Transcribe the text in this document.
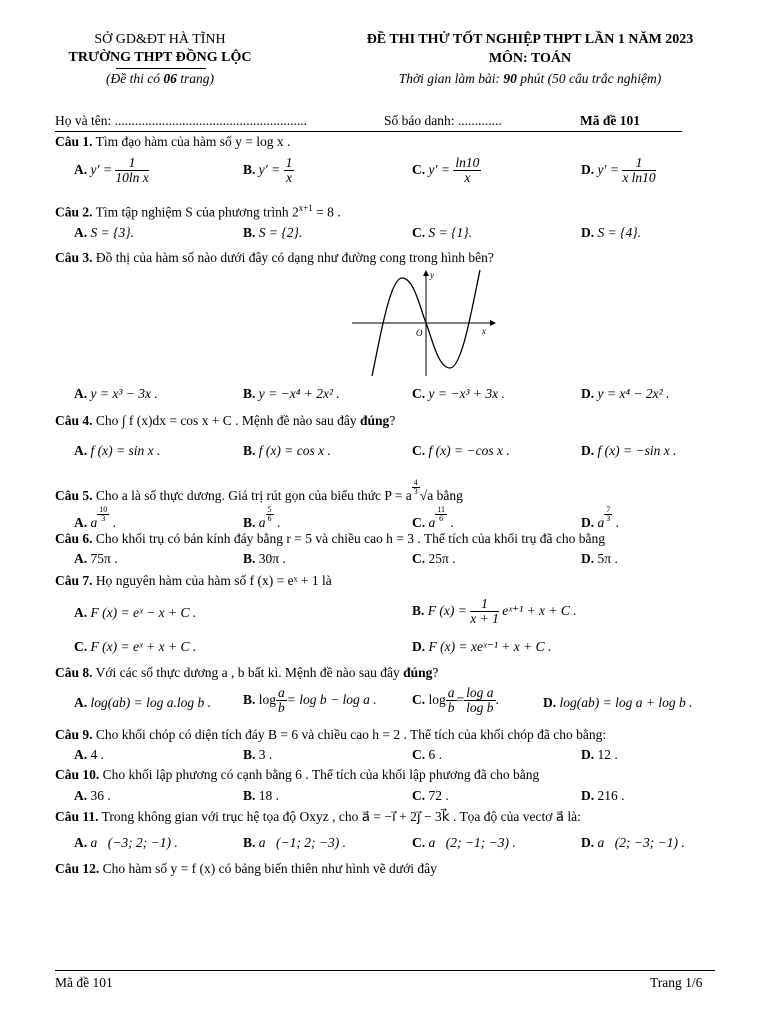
SỞ GD&ĐT HÀ TĨNH
TRƯỜNG THPT ĐỒNG LỘC
(Đề thi có 06 trang)
ĐỀ THI THỬ TỐT NGHIỆP THPT LẦN 1 NĂM 2023
MÔN: TOÁN
Thời gian làm bài: 90 phút (50 câu trắc nghiệm)
Họ và tên: .........................................................	Số báo danh: .............	Mã đề 101
Câu 1. Tìm đạo hàm của hàm số y = log x .
A. $y' = \frac{1}{\text{10ln x}}$	B. $y' = \frac{1}{x}$	C. $y' = \frac{\ln 10}{x}$	D. $y' = \frac{1}{\text{x ln10}}$
Câu 2. Tìm tập nghiệm S của phương trình $2^{x+1} = 8$ .
A. S = {3}.	B. S = {2}.	C. S = {1}.	D. S = {4}.
Câu 3. Đồ thị của hàm số nào dưới đây có dạng như đường cong trong hình bên?
y
x
O
A. y = x³ − 3x .	B. y = −x⁴ + 2x² .	C. y = −x³ + 3x .	D. y = x⁴ − 2x² .
Câu 4. Cho ∫ f (x)dx = cos x + C . Mệnh đề nào sau đây đúng?
A. f (x) = sin x .	B. f (x) = cos x .	C. f (x) = −cos x .	D. f (x) = −sin x .
Câu 5. Cho a là số thực dương. Giá trị rút gọn của biểu thức P = a $\frac{4}{3} √a$ bằng
A. a $\frac{10}{3}$ .	B. a $\frac{5}{6}$ .	C. a $\frac{11}{6}$ .	D. a $\frac{7}{3}$ .
Câu 6. Cho khối trụ có bán kính đáy bằng r = 5 và chiều cao h = 3 . Thể tích của khối trụ đã cho bằng
A. 75π .	B. 30π .	C. 25π .	D. 5π .
Câu 7. Họ nguyên hàm của hàm số f (x) = eˣ + 1 là
A. F (x) = eˣ − x + C .	B. F $(x) = \frac{1}{x + 1}$ eˣ⁺¹ + x + C .
C. F (x) = eˣ + x + C .	D. F (x) = xeˣ⁻¹ + x + C .
Câu 8. Với các số thực dương a , b bất kì. Mệnh đề nào sau đây đúng?
A. log(ab) = log a.log b . B. $\log \frac{a}{b} = \log b - \log a$ .	C. $\log \frac{a}{b} = \frac{\text{log a}}{\text{log b}}$ .	D. log(ab) = log a + log b .
Câu 9. Cho khối chóp có diện tích đáy B = 6 và chiều cao h = 2 . Thể tích của khối chóp đã cho bằng:
A. 4 .	B. 3 .	C. 6 .	D. 12 .
Câu 10. Cho khối lập phương có cạnh bằng 6 . Thể tích của khối lập phương đã cho bằng
A. 36 .	B. 18 .	C. 72 .	D. 216 .
Câu 11. Trong không gian với trục hệ tọa độ Oxyz , cho a⃗ = −i⃗ + 2j⃗ − 3k⃗ . Tọa độ của vectơ a⃗ là:
A. a⃗(−3; 2; −1) .	B. a⃗(−1; 2; −3) .	C. a⃗(2; −1; −3) .	D. a⃗(2; −3; −1) .
Câu 12. Cho hàm số y = f (x) có bảng biến thiên như hình vẽ dưới đây
Mã đề 101	Trang 1/6
